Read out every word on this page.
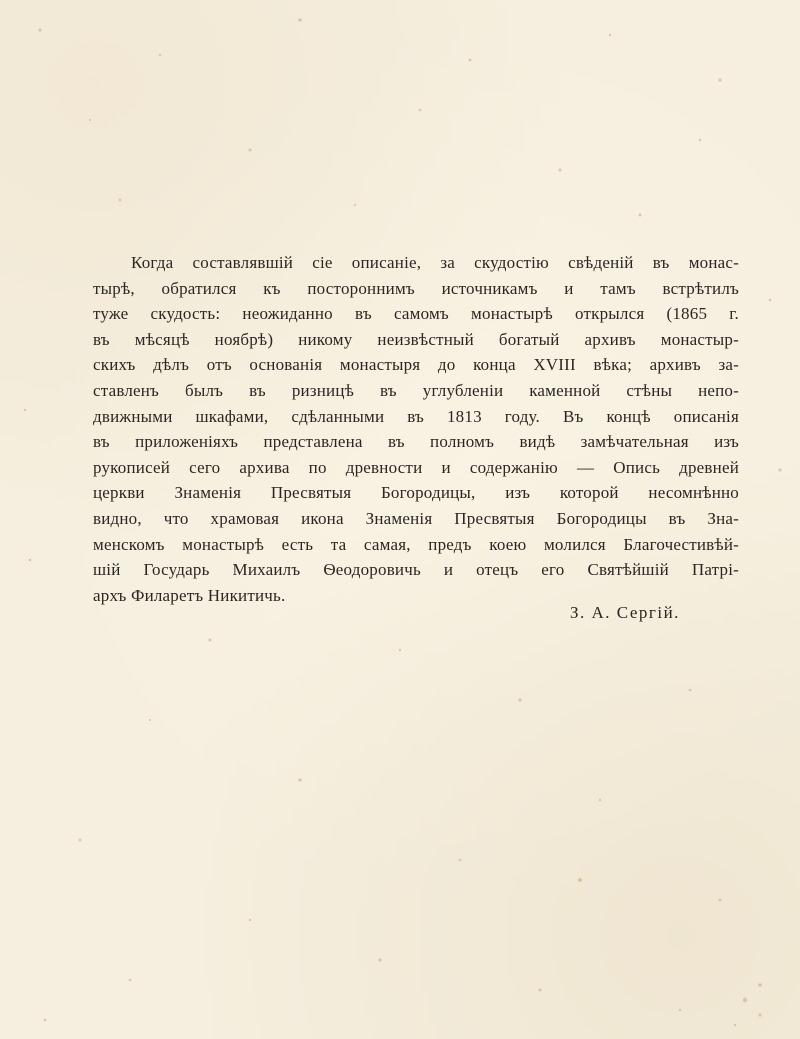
Когда составлявшій сіе описаніе, за скудостію свѣденій въ монас-
тырѣ, обратился къ постороннимъ источникамъ и тамъ встрѣтилъ
туже скудость: неожиданно въ самомъ монастырѣ открылся (1865 г.
въ мѣсяцѣ ноябрѣ) никому неизвѣстный богатый архивъ монастыр-
скихъ дѣлъ отъ основанія монастыря до конца XVIII вѣка; архивъ за-
ставленъ былъ въ ризницѣ въ углубленіи каменной стѣны непо-
движными шкафами, сдѣланными въ 1813 году. Въ концѣ описанія
въ приложеніяхъ представлена въ полномъ видѣ замѣчательная изъ
рукописей сего архива по древности и содержанію — Опись древней
церкви Знаменія Пресвятыя Богородицы, изъ которой несомнѣнно
видно, что храмовая икона Знаменія Пресвятыя Богородицы въ Зна-
менскомъ монастырѣ есть та самая, предъ коею молился Благочестивѣй-
шій Государь Михаилъ Ѳеодоровичь и отецъ его Святѣйшій Патрі-
архъ Филаретъ Никитичь.
З. А. Сергій.
